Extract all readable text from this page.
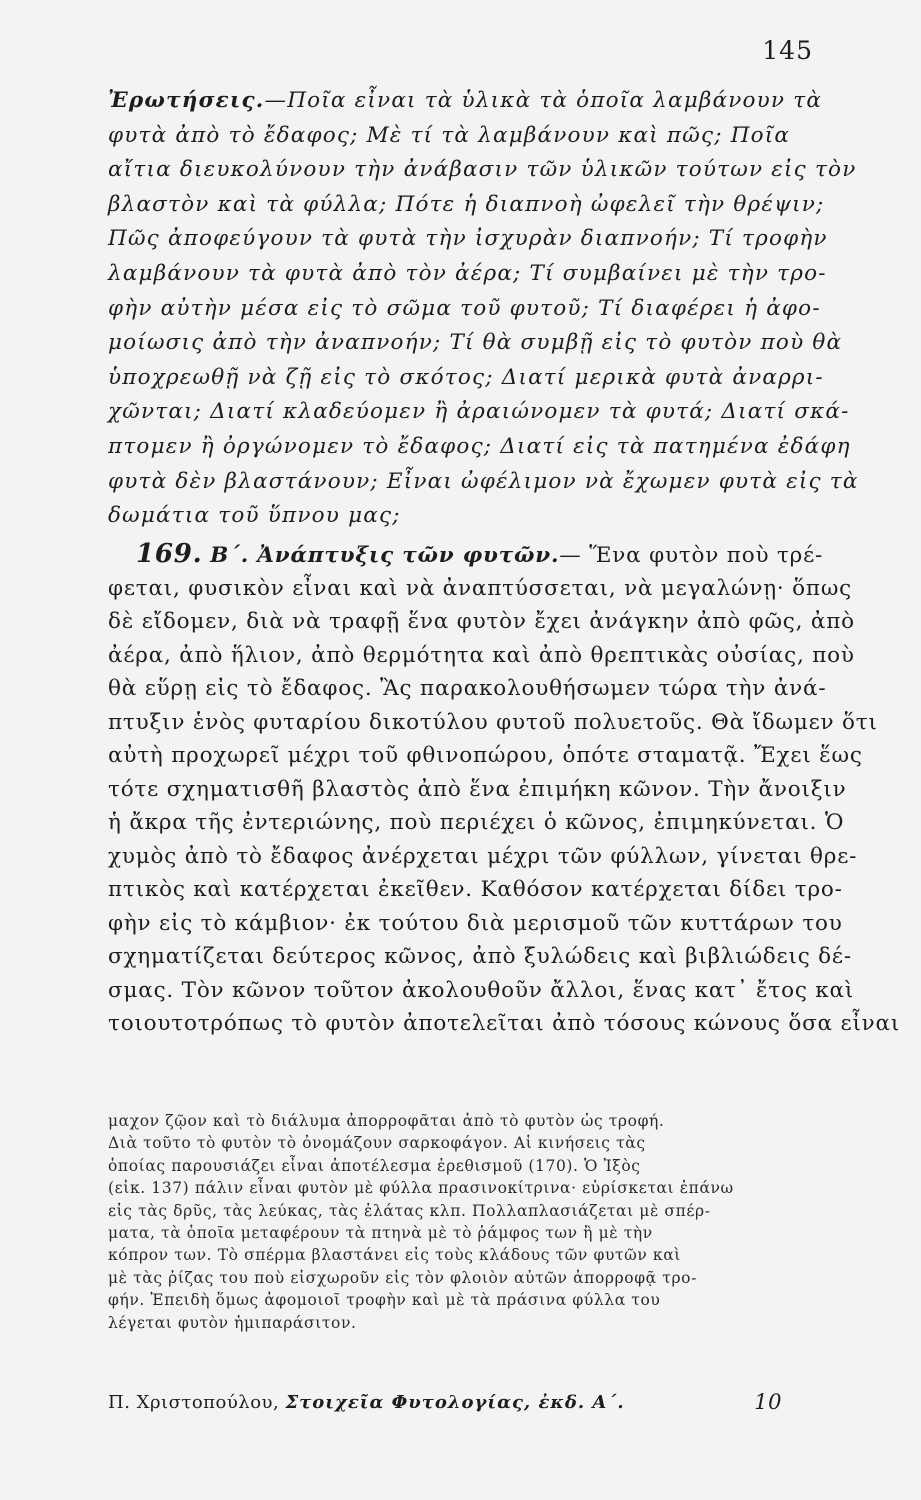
145
Ἐρωτήσεις.—Ποῖα εἶναι τὰ ὑλικὰ τὰ ὁποῖα λαμβάνουν τὰ
φυτὰ ἀπὸ τὸ ἔδαφος; Μὲ τί τὰ λαμβάνουν καὶ πῶς; Ποῖα
αἴτια διευκολύνουν τὴν ἀνάβασιν τῶν ὑλικῶν τούτων εἰς τὸν
βλαστὸν καὶ τὰ φύλλα; Πότε ἡ διαπνοὴ ὠφελεῖ τὴν θρέψιν;
Πῶς ἀποφεύγουν τὰ φυτὰ τὴν ἰσχυρὰν διαπνοήν; Τί τροφὴν
λαμβάνουν τὰ φυτὰ ἀπὸ τὸν ἀέρα; Τί συμβαίνει μὲ τὴν τρο-
φὴν αὐτὴν μέσα εἰς τὸ σῶμα τοῦ φυτοῦ; Τί διαφέρει ἡ ἀφο-
μοίωσις ἀπὸ τὴν ἀναπνοήν; Τί θὰ συμβῇ εἰς τὸ φυτὸν ποὺ θὰ
ὑποχρεωθῇ νὰ ζῇ εἰς τὸ σκότος; Διατί μερικὰ φυτὰ ἀναρρι-
χῶνται; Διατί κλαδεύομεν ἢ ἀραιώνομεν τὰ φυτά; Διατί σκά-
πτομεν ἢ ὀργώνομεν τὸ ἔδαφος; Διατί εἰς τὰ πατημένα ἐδάφη
φυτὰ δὲν βλαστάνουν; Εἶναι ὠφέλιμον νὰ ἔχωμεν φυτὰ εἰς τὰ
δωμάτια τοῦ ὕπνου μας;
169. Β΄. Ἀνάπτυξις τῶν φυτῶν.— Ἕνα φυτὸν ποὺ τρέ-
φεται, φυσικὸν εἶναι καὶ νὰ ἀναπτύσσεται, νὰ μεγαλώνῃ· ὅπως
δὲ εἴδομεν, διὰ νὰ τραφῇ ἕνα φυτὸν ἔχει ἀνάγκην ἀπὸ φῶς, ἀπὸ
ἀέρα, ἀπὸ ἥλιον, ἀπὸ θερμότητα καὶ ἀπὸ θρεπτικὰς οὐσίας, ποὺ
θὰ εὕρῃ εἰς τὸ ἔδαφος. Ἂς παρακολουθήσωμεν τώρα τὴν ἀνά-
πτυξιν ἑνὸς φυταρίου δικοτύλου φυτοῦ πολυετοῦς. Θὰ ἴδωμεν ὅτι
αὐτὴ προχωρεῖ μέχρι τοῦ φθινοπώρου, ὁπότε σταματᾷ. Ἔχει ἕως
τότε σχηματισθῆ βλαστὸς ἀπὸ ἕνα ἐπιμήκη κῶνον. Τὴν ἄνοιξιν
ἡ ἄκρα τῆς ἐντεριώνης, ποὺ περιέχει ὁ κῶνος, ἐπιμηκύνεται. Ὁ
χυμὸς ἀπὸ τὸ ἔδαφος ἀνέρχεται μέχρι τῶν φύλλων, γίνεται θρε-
πτικὸς καὶ κατέρχεται ἐκεῖθεν. Καθόσον κατέρχεται δίδει τρο-
φὴν εἰς τὸ κάμβιον· ἐκ τούτου διὰ μερισμοῦ τῶν κυττάρων του
σχηματίζεται δεύτερος κῶνος, ἀπὸ ξυλώδεις καὶ βιβλιώδεις δέ-
σμας. Τὸν κῶνον τοῦτον ἀκολουθοῦν ἄλλοι, ἕνας κατ᾿ ἔτος καὶ
τοιουτοτρόπως τὸ φυτὸν ἀποτελεῖται ἀπὸ τόσους κώνους ὅσα εἶναι
μαχον ζῷον καὶ τὸ διάλυμα ἀπορροφᾶται ἀπὸ τὸ φυτὸν ὡς τροφή.
Διὰ τοῦτο τὸ φυτὸν τὸ ὀνομάζουν σαρκοφάγον. Αἱ κινήσεις τὰς
ὁποίας παρουσιάζει εἶναι ἀποτέλεσμα ἐρεθισμοῦ (170). Ὁ Ἰξὸς
(εἰκ. 137) πάλιν εἶναι φυτὸν μὲ φύλλα πρασινοκίτρινα· εὑρίσκεται ἐπάνω
εἰς τὰς δρῦς, τὰς λεύκας, τὰς ἐλάτας κλπ. Πολλαπλασιάζεται μὲ σπέρ-
ματα, τὰ ὁποῖα μεταφέρουν τὰ πτηνὰ μὲ τὸ ῥάμφος των ἢ μὲ τὴν
κόπρον των. Τὸ σπέρμα βλαστάνει εἰς τοὺς κλάδους τῶν φυτῶν καὶ
μὲ τὰς ῥίζας του ποὺ εἰσχωροῦν εἰς τὸν φλοιὸν αὐτῶν ἀπορροφᾷ τρο-
φήν. Ἐπειδὴ ὅμως ἀφομοιοῖ τροφὴν καὶ μὲ τὰ πράσινα φύλλα του
λέγεται φυτὸν ἡμιπαράσιτον.
Π. Χριστοπούλου, Στοιχεῖα Φυτολογίας, ἐκδ. Α΄.	10
